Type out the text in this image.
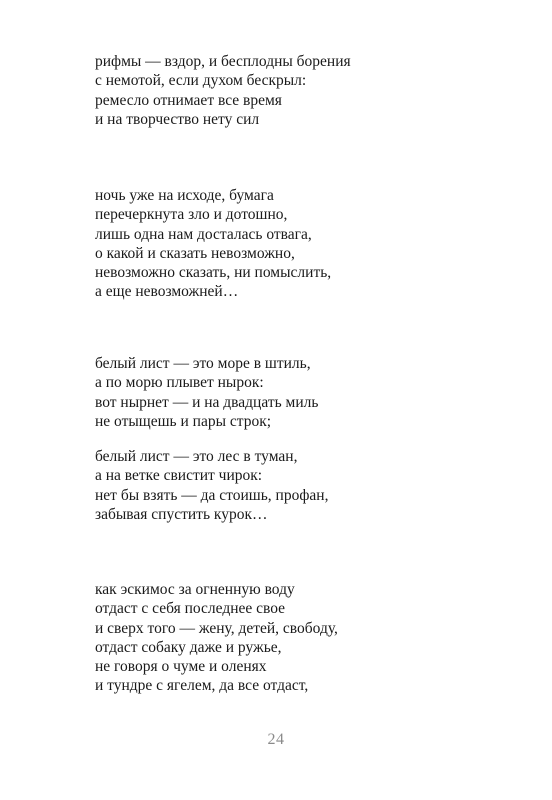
рифмы — вздор, и бесплодны борения
с немотой, если духом бескрыл:
ремесло отнимает все время
и на творчество нету сил
ночь уже на исходе, бумага
перечеркнута зло и дотошно,
лишь одна нам досталась отвага,
о какой и сказать невозможно,
невозможно сказать, ни помыслить,
а еще невозможней…
белый лист — это море в штиль,
а по морю плывет нырок:
вот нырнет — и на двадцать миль
не отыщешь и пары строк;
белый лист — это лес в туман,
а на ветке свистит чирок:
нет бы взять — да стоишь, профан,
забывая спустить курок…
как эскимос за огненную воду
отдаст с себя последнее свое
и сверх того — жену, детей, свободу,
отдаст собаку даже и ружье,
не говоря о чуме и оленях
и тундре с ягелем, да все отдаст,
24
